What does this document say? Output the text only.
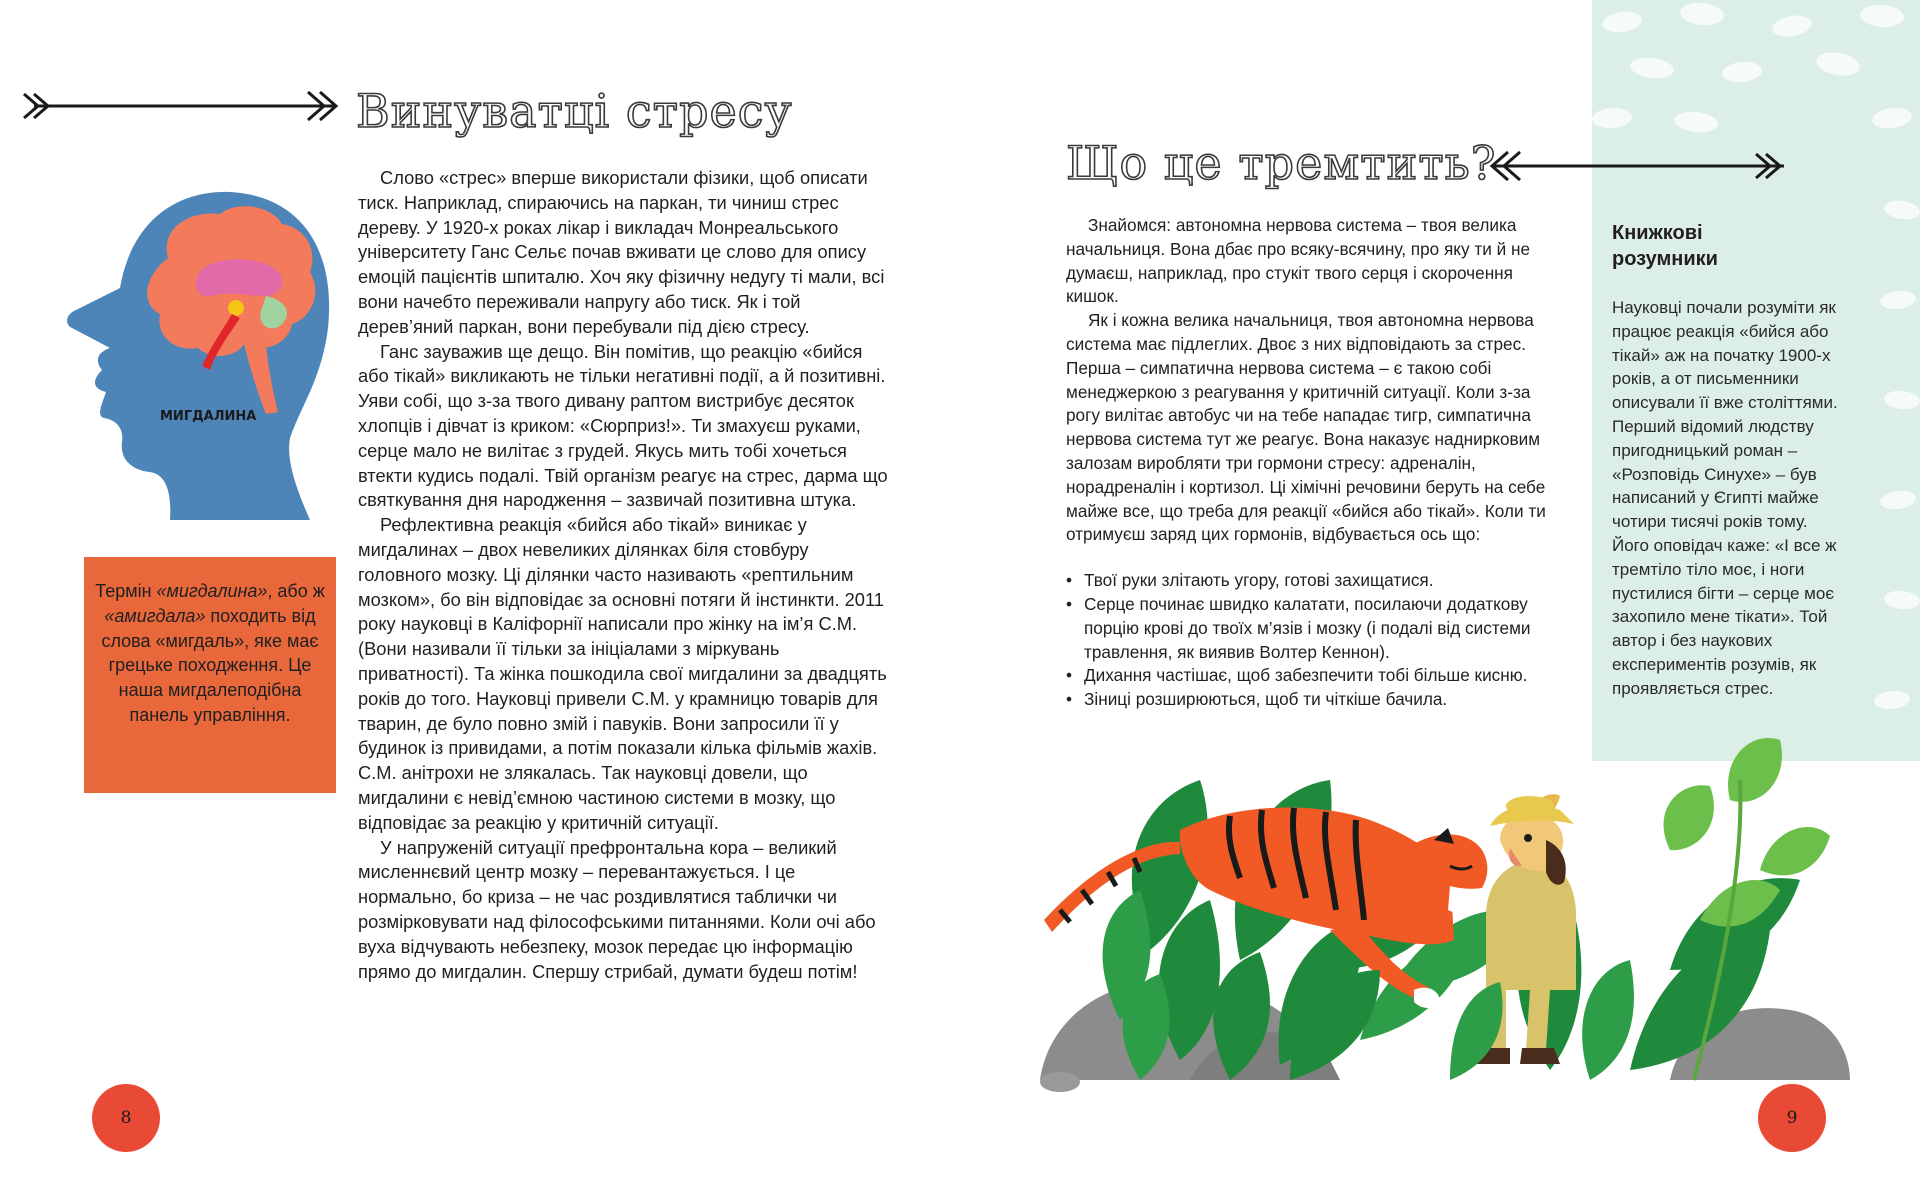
Винуватці стресу
МИГДАЛИНА
Термін «мигдалина», або ж «амигдала» походить від слова «мигдаль», яке має грецьке походження. Це наша мигдалеподібна панель управління.

Слово «стрес» вперше використали фізики, щоб описати тиск. Наприклад, спираючись на паркан, ти чиниш стрес дереву. У 1920-х роках лікар і викладач Монреальського університету Ганс Сельє почав вживати це слово для опису емоцій пацієнтів шпиталю. Хоч яку фізичну недугу ті мали, всі вони начебто переживали напругу або тиск. Як і той дерев’яний паркан, вони перебували під дією стресу.

Ганс зауважив ще дещо. Він помітив, що реакцію «бийся або тікай» викликають не тільки негативні події, а й позитивні. Уяви собі, що з-за твого дивану раптом вистрибує десяток хлопців і дівчат із криком: «Сюрприз!». Ти змахуєш руками, серце мало не вилітає з грудей. Якусь мить тобі хочеться втекти кудись подалі. Твій організм реагує на стрес, дарма що святкування дня народження – зазвичай позитивна штука.

Рефлективна реакція «бийся або тікай» виникає у мигдалинах – двох невеликих ділянках біля стовбуру головного мозку. Ці ділянки часто називають «рептильним мозком», бо він відповідає за основні потяги й інстинкти. 2011 року науковці в Каліфорнії написали про жінку на ім’я С.М. (Вони називали її тільки за ініціалами з міркувань приватності). Та жінка пошкодила свої мигдалини за двадцять років до того. Науковці привели С.М. у крамницю товарів для тварин, де було повно змій і павуків. Вони запросили її у будинок із привидами, а потім показали кілька фільмів жахів. С.М. анітрохи не злякалась. Так науковці довели, що мигдалини є невід’ємною частиною системи в мозку, що відповідає за реакцію у критичній ситуації.

У напруженій ситуації префронтальна кора – великий мисленнєвий центр мозку – перевантажується. І це нормально, бо криза – не час роздивлятися таблички чи розмірковувати над філософськими питаннями. Коли очі або вуха відчувають небезпеку, мозок передає цю інформацію прямо до мигдалин. Спершу стрибай, думати будеш потім!

8
Що це тремтить?

Знайомся: автономна нервова система – твоя велика начальниця. Вона дбає про всяку-всячину, про яку ти й не думаєш, наприклад, про стукіт твого серця і скорочення кишок.

Як і кожна велика начальниця, твоя автономна нервова система має підлеглих. Двоє з них відповідають за стрес. Перша – симпатична нервова система – є такою собі менеджеркою з реагування у критичній ситуації. Коли з-за рогу вилітає автобус чи на тебе нападає тигр, симпатична нервова система тут же реагує. Вона наказує наднирковим залозам виробляти три гормони стресу: адреналін, норадреналін і кортизол. Ці хімічні речовини беруть на себе майже все, що треба для реакції «бийся або тікай». Коли ти отримуєш заряд цих гормонів, відбувається ось що:

• Твої руки злітають угору, готові захищатися.
• Серце починає швидко калатати, посилаючи додаткову порцію крові до твоїх м’язів і мозку (і подалі від системи травлення, як виявив Волтер Кеннон).
• Дихання частішає, щоб забезпечити тобі більше кисню.
• Зіниці розширюються, щоб ти чіткіше бачила.
Книжкові розумники

Науковці почали розуміти як працює реакція «бийся або тікай» аж на початку 1900-х років, а от письменники описували її вже століттями.

Перший відомий людству пригодницький роман – «Розповідь Синухе» – був написаний у Єгипті майже чотири тисячі років тому. Його оповідач каже: «І все ж тремтіло тіло моє, і ноги пустилися бігти – серце моє захопило мене тікати». Той автор і без наукових експериментів розумів, як проявляється стрес.

9
